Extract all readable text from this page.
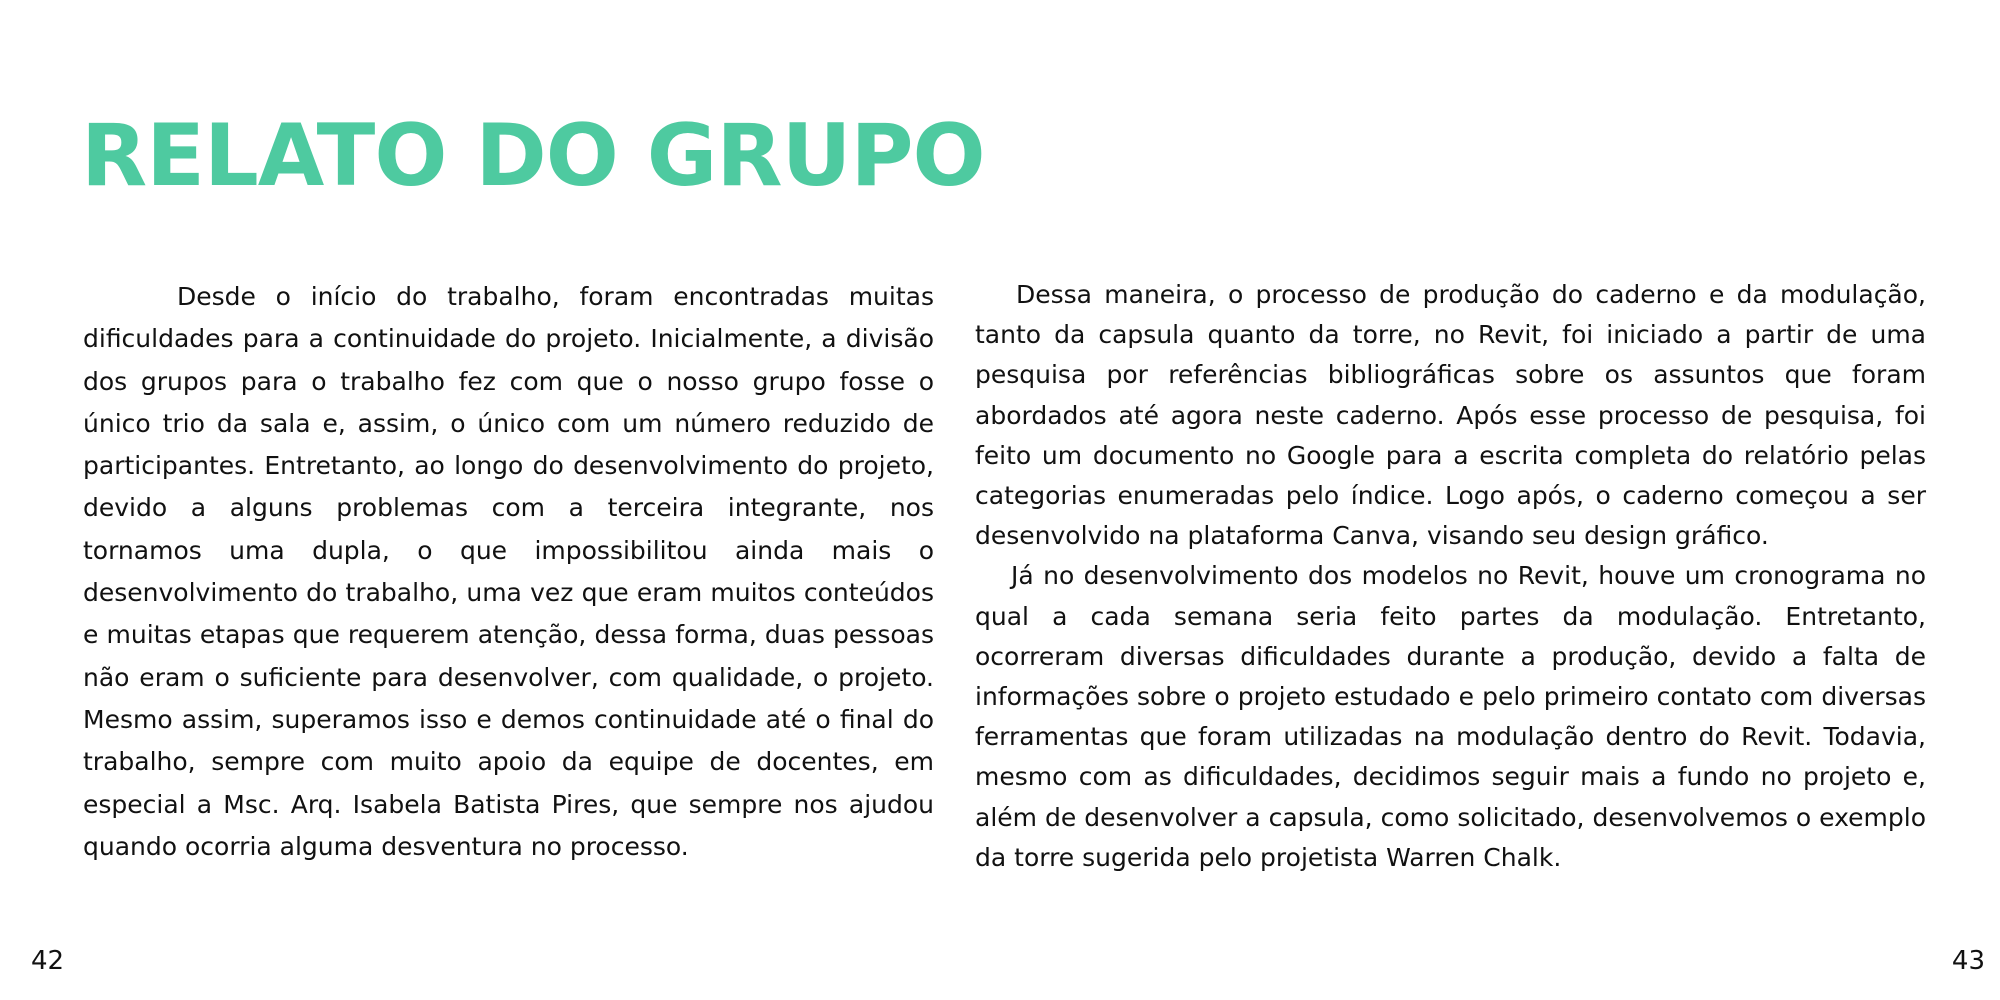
RELATO DO GRUPO

Desde o início do trabalho, foram encontradas muitas dificuldades para a continuidade do projeto. Inicialmente, a divisão dos grupos para o trabalho fez com que o nosso grupo fosse o único trio da sala e, assim, o único com um número reduzido de participantes. Entretanto, ao longo do desenvolvimento do projeto, devido a alguns problemas com a terceira integrante, nos tornamos uma dupla, o que impossibilitou ainda mais o desenvolvimento do trabalho, uma vez que eram muitos conteúdos e muitas etapas que requerem atenção, dessa forma, duas pessoas não eram o suficiente para desenvolver, com qualidade, o projeto. Mesmo assim, superamos isso e demos continuidade até o final do trabalho, sempre com muito apoio da equipe de docentes, em especial a Msc. Arq. Isabela Batista Pires, que sempre nos ajudou quando ocorria alguma desventura no processo.

Dessa maneira, o processo de produção do caderno e da modulação, tanto da capsula quanto da torre, no Revit, foi iniciado a partir de uma pesquisa por referências bibliográficas sobre os assuntos que foram abordados até agora neste caderno. Após esse processo de pesquisa, foi feito um documento no Google para a escrita completa do relatório pelas categorias enumeradas pelo índice. Logo após, o caderno começou a ser desenvolvido na plataforma Canva, visando seu design gráfico.

Já no desenvolvimento dos modelos no Revit, houve um cronograma no qual a cada semana seria feito partes da modulação. Entretanto, ocorreram diversas dificuldades durante a produção, devido a falta de informações sobre o projeto estudado e pelo primeiro contato com diversas ferramentas que foram utilizadas na modulação dentro do Revit. Todavia, mesmo com as dificuldades, decidimos seguir mais a fundo no projeto e, além de desenvolver a capsula, como solicitado, desenvolvemos o exemplo da torre sugerida pelo projetista Warren Chalk.

42	43
